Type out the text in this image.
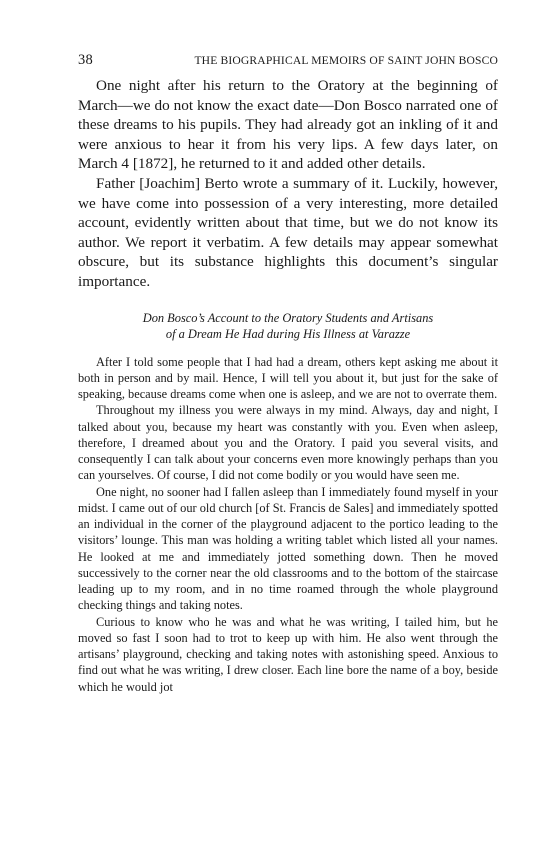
38	THE BIOGRAPHICAL MEMOIRS OF SAINT JOHN BOSCO

One night after his return to the Oratory at the beginning of March—we do not know the exact date—Don Bosco narrated one of these dreams to his pupils. They had already got an inkling of it and were anxious to hear it from his very lips. A few days later, on March 4 [1872], he returned to it and added other details.

Father [Joachim] Berto wrote a summary of it. Luckily, however, we have come into possession of a very interesting, more detailed account, evidently written about that time, but we do not know its author. We report it verbatim. A few details may appear somewhat obscure, but its substance highlights this document’s singular importance.

Don Bosco’s Account to the Oratory Students and Artisans
of a Dream He Had during His Illness at Varazze

After I told some people that I had had a dream, others kept asking me about it both in person and by mail. Hence, I will tell you about it, but just for the sake of speaking, because dreams come when one is asleep, and we are not to overrate them.

Throughout my illness you were always in my mind. Always, day and night, I talked about you, because my heart was constantly with you. Even when asleep, therefore, I dreamed about you and the Oratory. I paid you several visits, and consequently I can talk about your concerns even more knowingly perhaps than you can yourselves. Of course, I did not come bodily or you would have seen me.

One night, no sooner had I fallen asleep than I immediately found myself in your midst. I came out of our old church [of St. Francis de Sales] and immediately spotted an individual in the corner of the playground adjacent to the portico leading to the visitors’ lounge. This man was holding a writing tablet which listed all your names. He looked at me and immediately jotted something down. Then he moved successively to the corner near the old classrooms and to the bottom of the staircase leading up to my room, and in no time roamed through the whole playground checking things and taking notes.

Curious to know who he was and what he was writing, I tailed him, but he moved so fast I soon had to trot to keep up with him. He also went through the artisans’ playground, checking and taking notes with astonishing speed. Anxious to find out what he was writing, I drew closer. Each line bore the name of a boy, beside which he would jot
